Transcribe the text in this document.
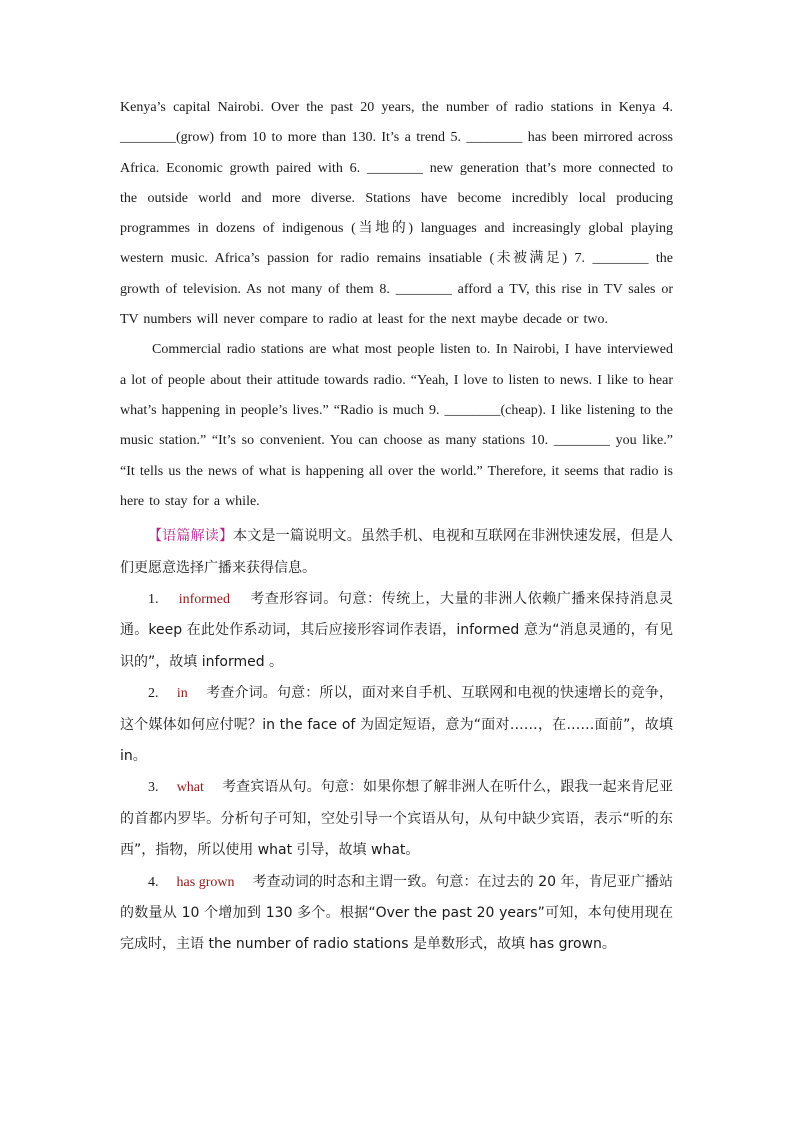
Kenya’s capital Nairobi. Over the past 20 years, the number of radio stations in Kenya 4. ________(grow) from 10 to more than 130. It’s a trend 5. ________ has been mirrored across Africa. Economic growth paired with 6. ________ new generation that’s more connected to the outside world and more diverse. Stations have become incredibly local producing programmes in dozens of indigenous (当地的) languages and increasingly global playing western music. Africa’s passion for radio remains insatiable (未被满足) 7. ________ the growth of television. As not many of them 8. ________ afford a TV, this rise in TV sales or TV numbers will never compare to radio at least for the next maybe decade or two.

Commercial radio stations are what most people listen to. In Nairobi, I have interviewed a lot of people about their attitude towards radio. “Yeah, I love to listen to news. I like to hear what’s happening in people’s lives.” “Radio is much 9. ________(cheap). I like listening to the music station.” “It’s so convenient. You can choose as many stations 10. ________ you like.” “It tells us the news of what is happening all over the world.” Therefore, it seems that radio is here to stay for a while.

【语篇解读】本文是一篇说明文。虽然手机、电视和互联网在非洲快速发展，但是人们更愿意选择广播来获得信息。

1. informed 考查形容词。句意：传统上，大量的非洲人依赖广播来保持消息灵通。keep 在此处作系动词，其后应接形容词作表语，informed 意为“消息灵通的，有见识的”，故填 informed 。

2. in 考查介词。句意：所以，面对来自手机、互联网和电视的快速增长的竞争，这个媒体如何应付呢？in the face of 为固定短语，意为“面对……，在……面前”，故填 in。

3. what 考查宾语从句。句意：如果你想了解非洲人在听什么，跟我一起来肯尼亚的首都内罗毕。分析句子可知，空处引导一个宾语从句，从句中缺少宾语，表示“听的东西”，指物，所以使用 what 引导，故填 what。

4. has grown 考查动词的时态和主谓一致。句意：在过去的 20 年，肯尼亚广播站的数量从 10 个增加到 130 多个。根据“Over the past 20 years”可知，本句使用现在完成时，主语 the number of radio stations 是单数形式，故填 has grown。
